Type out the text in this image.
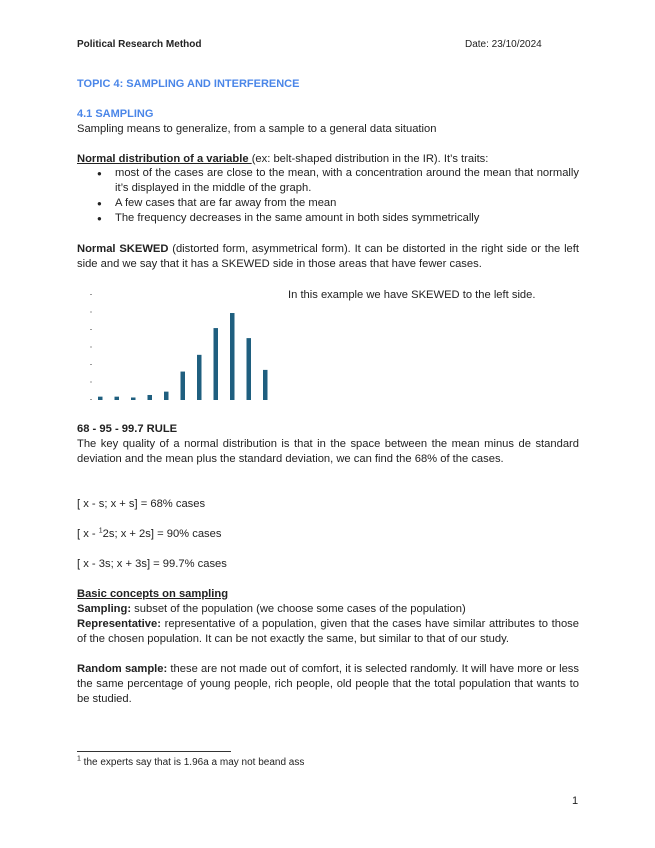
Political Research Method	Date: 23/10/2024
TOPIC 4: SAMPLING AND INTERFERENCE
4.1 SAMPLING
Sampling means to generalize, from a sample to a general data situation
Normal distribution of a variable (ex: belt-shaped distribution in the IR). It’s traits:
● most of the cases are close to the mean, with a concentration around the mean that normally it’s displayed in the middle of the graph.
● A few cases that are far away from the mean
● The frequency decreases in the same amount in both sides symmetrically
Normal SKEWED (distorted form, asymmetrical form). It can be distorted in the right side or the left side and we say that it has a SKEWED side in those areas that have fewer cases.
In this example we have SKEWED to the left side.
68 - 95 - 99.7 RULE
The key quality of a normal distribution is that in the space between the mean minus de standard deviation and the mean plus the standard deviation, we can find the 68% of the cases.
[ x - s; x + s] = 68% cases
[ x - $^1$2s; x + 2s] = 90% cases
[ x - 3s; x + 3s] = 99.7% cases
Basic concepts on sampling
Sampling: subset of the population (we choose some cases of the population)
Representative: representative of a population, given that the cases have similar attributes to those of the chosen population. It can be not exactly the same, but similar to that of our study.
Random sample: these are not made out of comfort, it is selected randomly. It will have more or less the same percentage of young people, rich people, old people that the total population that wants to be studied.
$^1$ the experts say that is 1.96a a may not beand ass
1
